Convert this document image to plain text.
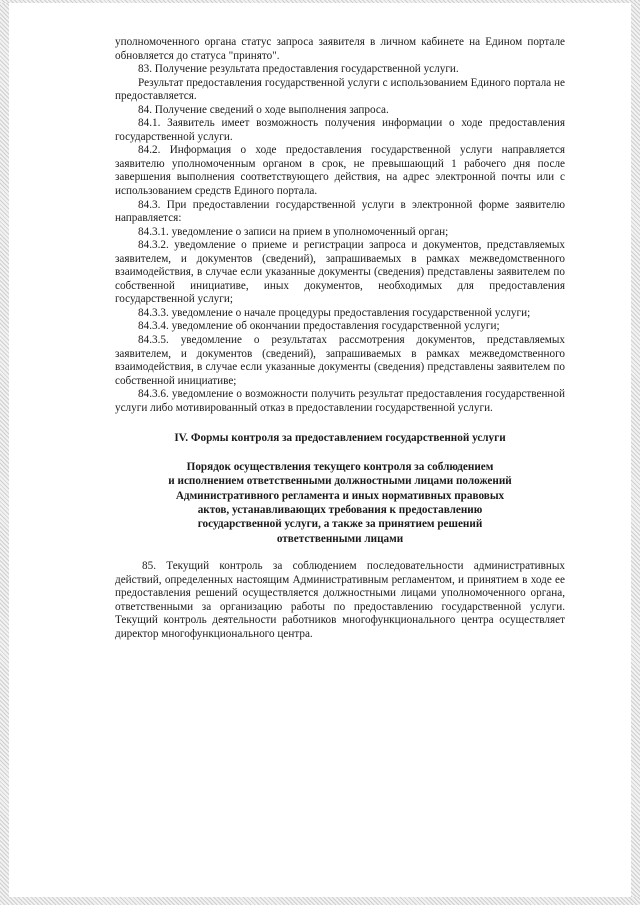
уполномоченного органа статус запроса заявителя в личном кабинете на Едином портале обновляется до статуса "принято".

83. Получение результата предоставления государственной услуги.

Результат предоставления государственной услуги с использованием Единого портала не предоставляется.

84. Получение сведений о ходе выполнения запроса.

84.1. Заявитель имеет возможность получения информации о ходе предоставления государственной услуги.

84.2. Информация о ходе предоставления государственной услуги направляется заявителю уполномоченным органом в срок, не превышающий 1 рабочего дня после завершения выполнения соответствующего действия, на адрес электронной почты или с использованием средств Единого портала.

84.3. При предоставлении государственной услуги в электронной форме заявителю направляется:

84.3.1. уведомление о записи на прием в уполномоченный орган;

84.3.2. уведомление о приеме и регистрации запроса и документов, представляемых заявителем, и документов (сведений), запрашиваемых в рамках межведомственного взаимодействия, в случае если указанные документы (сведения) представлены заявителем по собственной инициативе, иных документов, необходимых для предоставления государственной услуги;

84.3.3. уведомление о начале процедуры предоставления государственной услуги;

84.3.4. уведомление об окончании предоставления государственной услуги;

84.3.5. уведомление о результатах рассмотрения документов, представляемых заявителем, и документов (сведений), запрашиваемых в рамках межведомственного взаимодействия, в случае если указанные документы (сведения) представлены заявителем по собственной инициативе;

84.3.6. уведомление о возможности получить результат предоставления государственной услуги либо мотивированный отказ в предоставлении государственной услуги.

IV. Формы контроля за предоставлением государственной услуги

Порядок осуществления текущего контроля за соблюдением
и исполнением ответственными должностными лицами положений
Административного регламента и иных нормативных правовых
актов, устанавливающих требования к предоставлению
государственной услуги, а также за принятием решений
ответственными лицами

85. Текущий контроль за соблюдением последовательности административных действий, определенных настоящим Административным регламентом, и принятием в ходе ее предоставления решений осуществляется должностными лицами уполномоченного органа, ответственными за организацию работы по предоставлению государственной услуги. Текущий контроль деятельности работников многофункционального центра осуществляет директор многофункционального центра.
